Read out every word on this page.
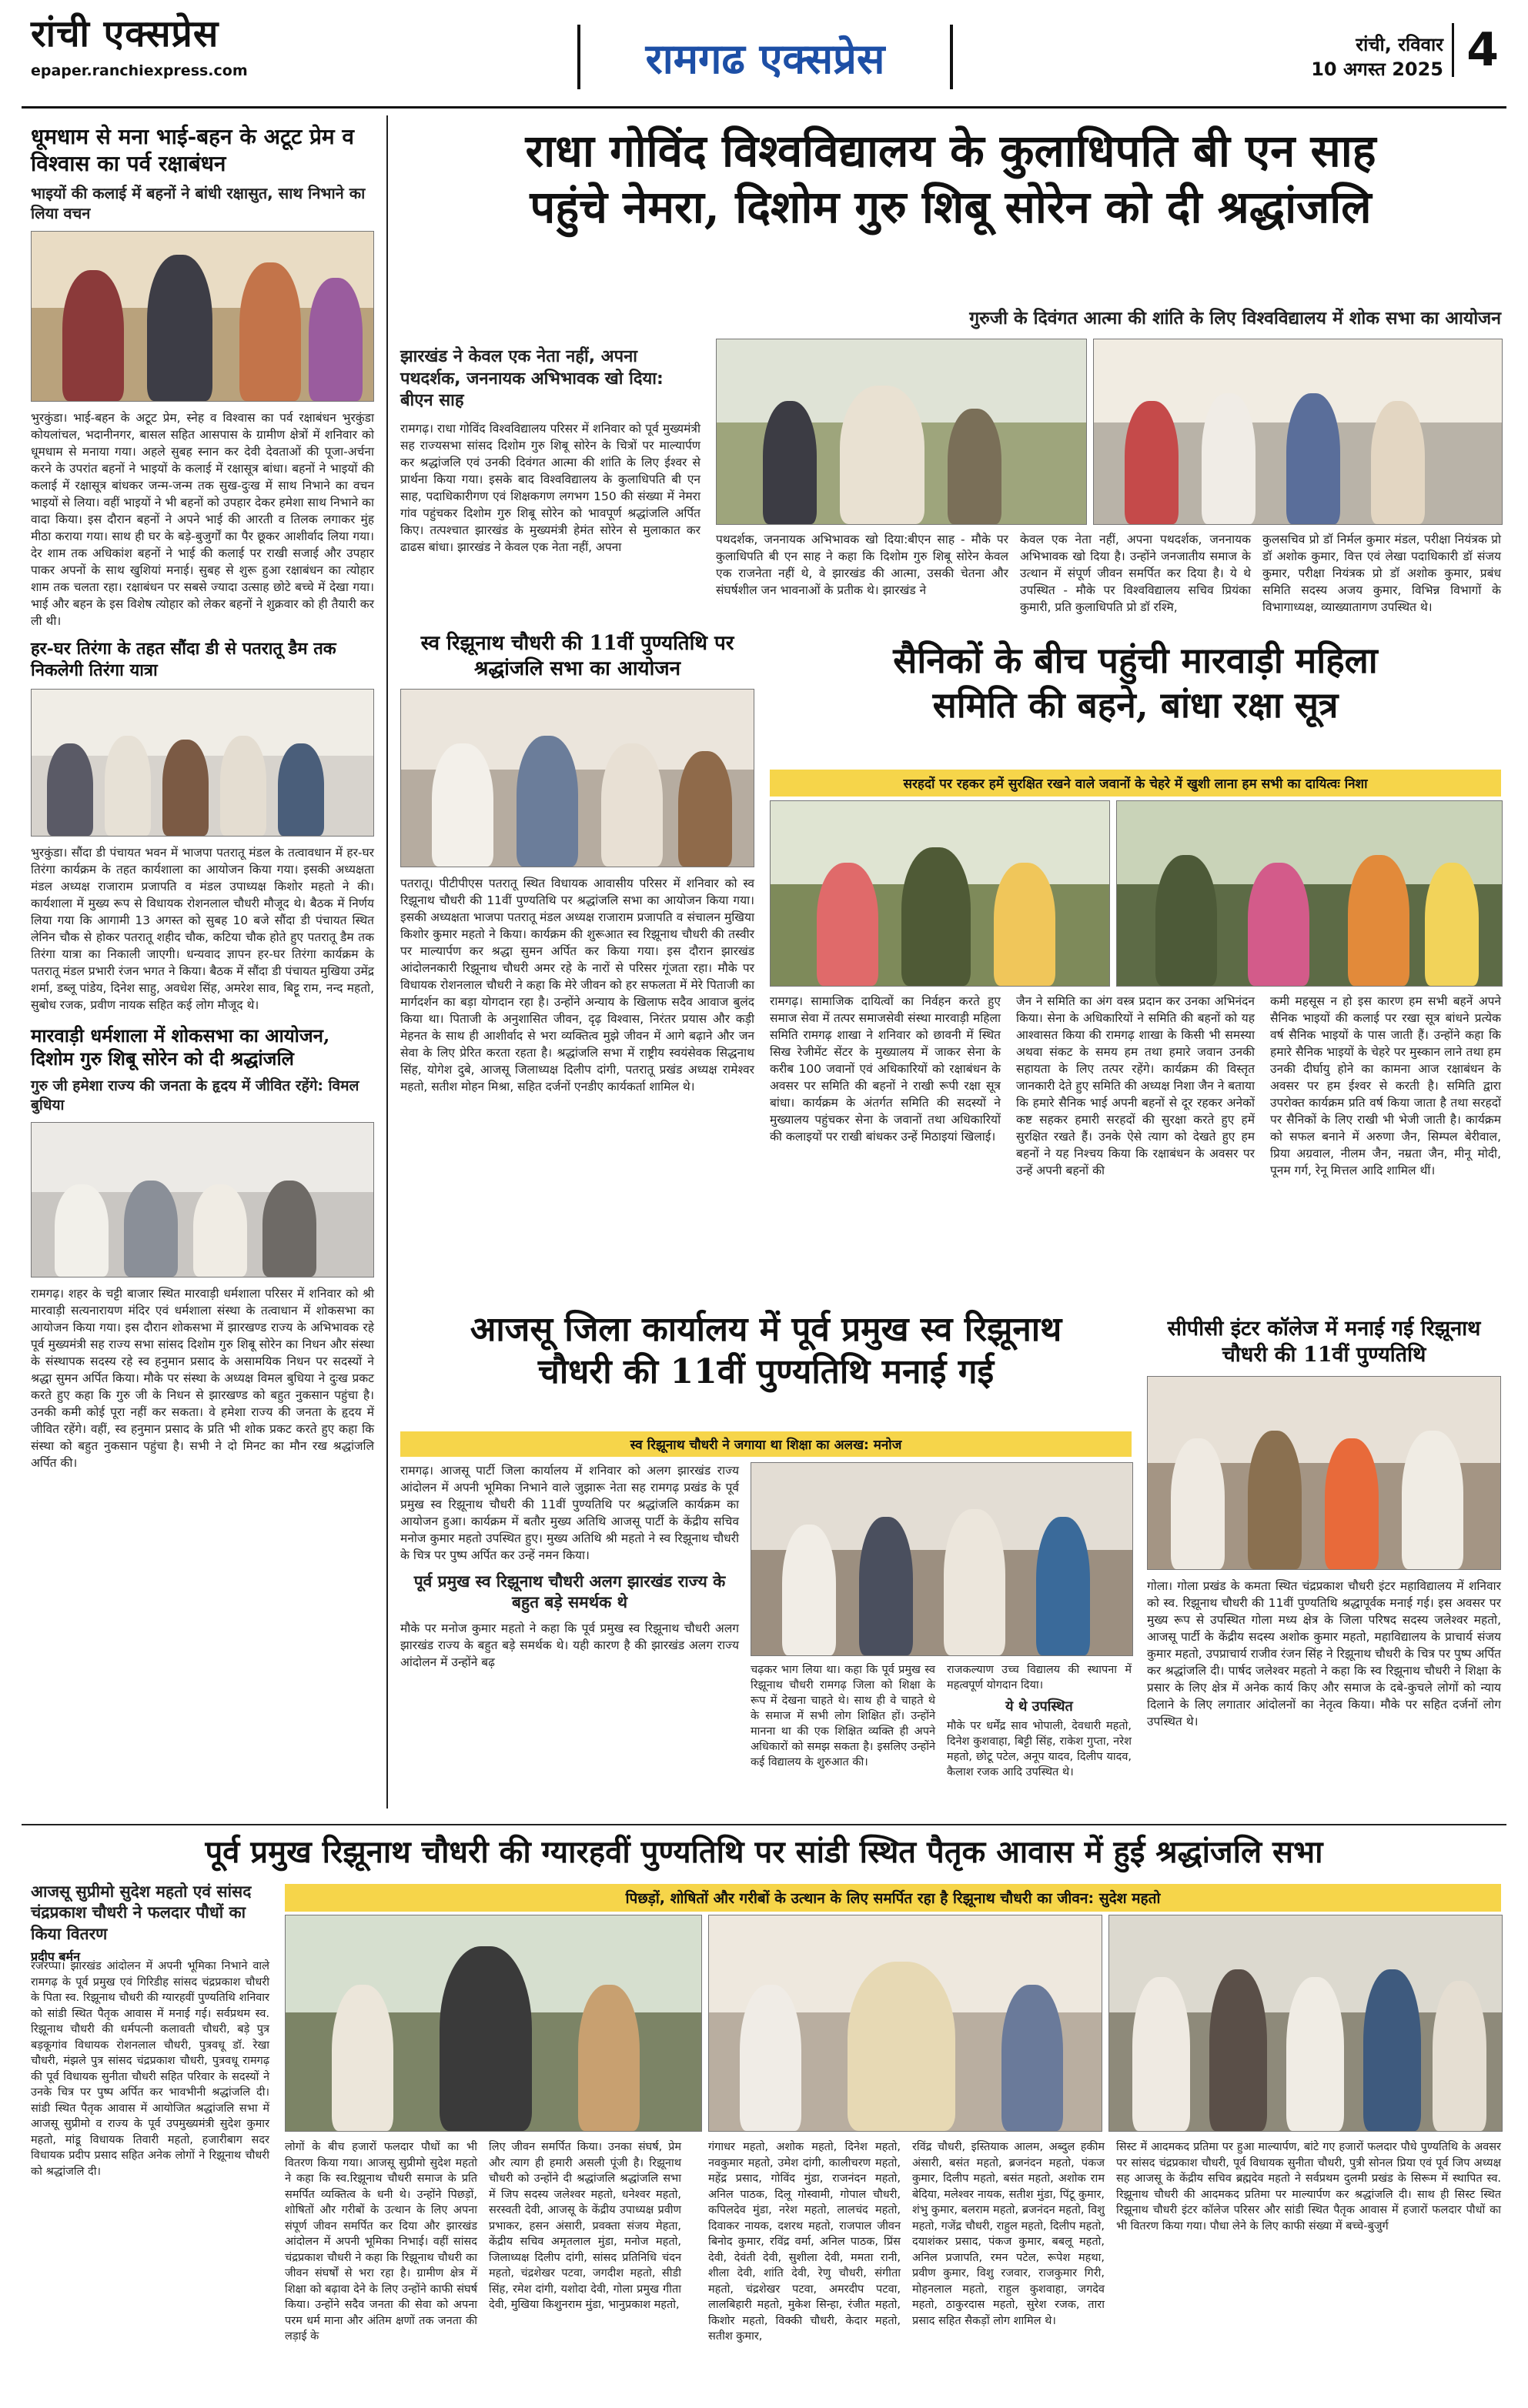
रांची एक्सप्रेस
epaper.ranchiexpress.com	रामगढ एक्सप्रेस	रांची, रविवार
10 अगस्त 2025 4
धूमधाम से मना भाई-बहन के अटूट प्रेम व विश्वास का पर्व रक्षाबंधन
भाइयों की कलाई में बहनों ने बांधी रक्षासुत, साथ निभाने का लिया वचन
भुरकुंडा। भाई-बहन के अटूट प्रेम, स्नेह व विश्वास का पर्व रक्षाबंधन भुरकुंडा कोयलांचल, भदानीनगर, बासल सहित आसपास के ग्रामीण क्षेत्रों में शनिवार को धूमधाम से मनाया गया। अहले सुबह स्नान कर देवी देवताओं की पूजा-अर्चना करने के उपरांत बहनों ने भाइयों के कलाई में रक्षासूत्र बांधा। बहनों ने भाइयों की कलाई में रक्षासूत्र बांधकर जन्म-जन्म तक सुख-दुःख में साथ निभाने का वचन भाइयों से लिया। वहीं भाइयों ने भी बहनों को उपहार देकर हमेशा साथ निभाने का वादा किया। इस दौरान बहनों ने अपने भाई की आरती व तिलक लगाकर मुंह मीठा कराया गया। साथ ही घर के बड़े-बुजुर्गों का पैर छूकर आशीर्वाद लिया गया। देर शाम तक अधिकांश बहनों ने भाई की कलाई पर राखी सजाई और उपहार पाकर अपनों के साथ खुशियां मनाई। सुबह से शुरू हुआ रक्षाबंधन का त्योहार शाम तक चलता रहा। रक्षाबंधन पर सबसे ज्यादा उत्साह छोटे बच्चे में देखा गया। भाई और बहन के इस विशेष त्योहार को लेकर बहनों ने शुक्रवार को ही तैयारी कर ली थी।
हर-घर तिरंगा के तहत सौंदा डी से पतरातू डैम तक निकलेगी तिरंगा यात्रा
भुरकुंडा। सौंदा डी पंचायत भवन में भाजपा पतरातू मंडल के तत्वावधान में हर-घर तिरंगा कार्यक्रम के तहत कार्यशाला का आयोजन किया गया। इसकी अध्यक्षता मंडल अध्यक्ष राजाराम प्रजापति व मंडल उपाध्यक्ष किशोर महतो ने की। कार्यशाला में मुख्य रूप से विधायक रोशनलाल चौधरी मौजूद थे। बैठक में निर्णय लिया गया कि आगामी 13 अगस्त को सुबह 10 बजे सौंदा डी पंचायत स्थित लेनिन चौक से होकर पतरातू शहीद चौक, कटिया चौक होते हुए पतरातू डैम तक तिरंगा यात्रा का निकाली जाएगी। धन्यवाद ज्ञापन हर-घर तिरंगा कार्यक्रम के पतरातू मंडल प्रभारी रंजन भगत ने किया। बैठक में सौंदा डी पंचायत मुखिया उमेंद्र शर्मा, डब्लू पांडेय, दिनेश साहु, अवधेश सिंह, अमरेश साव, बिट्टू राम, नन्द महतो, सुबोध रजक, प्रवीण नायक सहित कई लोग मौजूद थे।
मारवाड़ी धर्मशाला में शोकसभा का आयोजन, दिशोम गुरु शिबू सोरेन को दी श्रद्धांजलि
गुरु जी हमेशा राज्य की जनता के हृदय में जीवित रहेंगे: विमल बुधिया
रामगढ़। शहर के चट्टी बाजार स्थित मारवाड़ी धर्मशाला परिसर में शनिवार को श्री मारवाड़ी सत्यनारायण मंदिर एवं धर्मशाला संस्था के तत्वाधान में शोकसभा का आयोजन किया गया। इस दौरान शोकसभा में झारखण्ड राज्य के अभिभावक रहे पूर्व मुख्यमंत्री सह राज्य सभा सांसद दिशोम गुरु शिबू सोरेन का निधन और संस्था के संस्थापक सदस्य रहे स्व हनुमान प्रसाद के असामयिक निधन पर सदस्यों ने श्रद्धा सुमन अर्पित किया। मौके पर संस्था के अध्यक्ष विमल बुधिया ने दुःख प्रकट करते हुए कहा कि गुरु जी के निधन से झारखण्ड को बहुत नुकसान पहुंचा है। उनकी कमी कोई पूरा नहीं कर सकता। वे हमेशा राज्य की जनता के हृदय में जीवित रहेंगे। वहीं, स्व हनुमान प्रसाद के प्रति भी शोक प्रकट करते हुए कहा कि संस्था को बहुत नुकसान पहुंचा है। सभी ने दो मिनट का मौन रख श्रद्धांजलि अर्पित की।
राधा गोविंद विश्वविद्यालय के कुलाधिपति बी एन साह
पहुंचे नेमरा, दिशोम गुरु शिबू सोरेन को दी श्रद्धांजलि
गुरुजी के दिवंगत आत्मा की शांति के लिए विश्वविद्यालय में शोक सभा का आयोजन
झारखंड ने केवल एक नेता नहीं, अपना पथदर्शक, जननायक अभिभावक खो दिया: बीएन साह
रामगढ़। राधा गोविंद विश्वविद्यालय परिसर में शनिवार को पूर्व मुख्यमंत्री सह राज्यसभा सांसद दिशोम गुरु शिबू सोरेन के चित्रों पर माल्यार्पण कर श्रद्धांजलि एवं उनकी दिवंगत आत्मा की शांति के लिए ईश्वर से प्रार्थना किया गया। इसके बाद विश्वविद्यालय के कुलाधिपति बी एन साह, पदाधिकारीगण एवं शिक्षकगण लगभग 150 की संख्या में नेमरा गांव पहुंचकर दिशोम गुरु शिबू सोरेन को भावपूर्ण श्रद्धांजलि अर्पित किए। तत्पश्चात झारखंड के मुख्यमंत्री हेमंत सोरेन से मुलाकात कर ढाढस बांधा। झारखंड ने केवल एक नेता नहीं, अपना
पथदर्शक, जननायक अभिभावक खो दिया:बीएन साह - मौके पर कुलाधिपति बी एन साह ने कहा कि दिशोम गुरु शिबू सोरेन केवल एक राजनेता नहीं थे, वे झारखंड की आत्मा, उसकी चेतना और संघर्षशील जन भावनाओं के प्रतीक थे। झारखंड ने
केवल एक नेता नहीं, अपना पथदर्शक, जननायक अभिभावक खो दिया है। उन्होंने जनजातीय समाज के उत्थान में संपूर्ण जीवन समर्पित कर दिया है। ये थे उपस्थित - मौके पर विश्वविद्यालय सचिव प्रियंका कुमारी, प्रति कुलाधिपति प्रो डॉ रश्मि,
कुलसचिव प्रो डॉ निर्मल कुमार मंडल, परीक्षा नियंत्रक प्रो डॉ अशोक कुमार, वित्त एवं लेखा पदाधिकारी डॉ संजय कुमार, परीक्षा नियंत्रक प्रो डॉ अशोक कुमार, प्रबंध समिति सदस्य अजय कुमार, विभिन्न विभागों के विभागाध्यक्ष, व्याख्यातागण उपस्थित थे।
स्व रिझूनाथ चौधरी की 11वीं पुण्यतिथि पर श्रद्धांजलि सभा का आयोजन
पतरातू। पीटीपीएस पतरातू स्थित विधायक आवासीय परिसर में शनिवार को स्व रिझूनाथ चौधरी की 11वीं पुण्यतिथि पर श्रद्धांजलि सभा का आयोजन किया गया। इसकी अध्यक्षता भाजपा पतरातू मंडल अध्यक्ष राजाराम प्रजापति व संचालन मुखिया किशोर कुमार महतो ने किया। कार्यक्रम की शुरूआत स्व रिझूनाथ चौधरी की तस्वीर पर माल्यार्पण कर श्रद्धा सुमन अर्पित कर किया गया। इस दौरान झारखंड आंदोलनकारी रिझूनाथ चौधरी अमर रहे के नारों से परिसर गूंजता रहा। मौके पर विधायक रोशनलाल चौधरी ने कहा कि मेरे जीवन को हर सफलता में मेरे पिताजी का मार्गदर्शन का बड़ा योगदान रहा है। उन्होंने अन्याय के खिलाफ सदैव आवाज बुलंद किया था। पिताजी के अनुशासित जीवन, दृढ़ विश्वास, निरंतर प्रयास और कड़ी मेहनत के साथ ही आशीर्वाद से भरा व्यक्तित्व मुझे जीवन में आगे बढ़ाने और जन सेवा के लिए प्रेरित करता रहता है। श्रद्धांजलि सभा में राष्ट्रीय स्वयंसेवक सिद्धनाथ सिंह, योगेश दुबे, आजसू जिलाध्यक्ष दिलीप दांगी, पतरातू प्रखंड अध्यक्ष रामेश्वर महतो, सतीश मोहन मिश्रा, सहित दर्जनों एनडीए कार्यकर्ता शामिल थे।
सैनिकों के बीच पहुंची मारवाड़ी महिला
समिति की बहने, बांधा रक्षा सूत्र
सरहदों पर रहकर हमें सुरक्षित रखने वाले जवानों के चेहरे में खुशी लाना हम सभी का दायित्वः निशा
रामगढ़। सामाजिक दायित्वों का निर्वहन करते हुए समाज सेवा में तत्पर समाजसेवी संस्था मारवाड़ी महिला समिति रामगढ़ शाखा ने शनिवार को छावनी में स्थित सिख रेजीमेंट सेंटर के मुख्यालय में जाकर सेना के करीब 100 जवानों एवं अधिकारियों को रक्षाबंधन के अवसर पर समिति की बहनों ने राखी रूपी रक्षा सूत्र बांधा। कार्यक्रम के अंतर्गत समिति की सदस्यों ने मुख्यालय पहुंचकर सेना के जवानों तथा अधिकारियों की कलाइयों पर राखी बांधकर उन्हें मिठाइयां खिलाई।
जैन ने समिति का अंग वस्त्र प्रदान कर उनका अभिनंदन किया। सेना के अधिकारियों ने समिति की बहनों को यह आश्वासत किया की रामगढ़ शाखा के किसी भी समस्या अथवा संकट के समय हम तथा हमारे जवान उनकी सहायता के लिए तत्पर रहेंगे। कार्यक्रम की विस्तृत जानकारी देते हुए समिति की अध्यक्ष निशा जैन ने बताया कि हमारे सैनिक भाई अपनी बहनों से दूर रहकर अनेकों कष्ट सहकर हमारी सरहदों की सुरक्षा करते हुए हमें सुरक्षित रखते हैं। उनके ऐसे त्याग को देखते हुए हम बहनों ने यह निश्चय किया कि रक्षाबंधन के अवसर पर उन्हें अपनी बहनों की
कमी महसूस न हो इस कारण हम सभी बहनें अपने सैनिक भाइयों की कलाई पर रखा सूत्र बांधने प्रत्येक वर्ष सैनिक भाइयों के पास जाती हैं। उन्होंने कहा कि हमारे सैनिक भाइयों के चेहरे पर मुस्कान लाने तथा हम उनकी दीर्घायु होने का कामना आज रक्षाबंधन के अवसर पर हम ईश्वर से करती है। समिति द्वारा उपरोक्त कार्यक्रम प्रति वर्ष किया जाता है तथा सरहदों पर सैनिकों के लिए राखी भी भेजी जाती है। कार्यक्रम को सफल बनाने में अरुणा जैन, सिम्पल बेरीवाल, प्रिया अग्रवाल, नीलम जैन, नम्रता जैन, मीनू मोदी, पूनम गर्ग, रेनू मित्तल आदि शामिल थीं।
आजसू जिला कार्यालय में पूर्व प्रमुख स्व रिझूनाथ
चौधरी की 11वीं पुण्यतिथि मनाई गई
स्व रिझूनाथ चौधरी ने जगाया था शिक्षा का अलख: मनोज
रामगढ़। आजसू पार्टी जिला कार्यालय में शनिवार को अलग झारखंड राज्य आंदोलन में अपनी भूमिका निभाने वाले जुझारू नेता सह रामगढ़ प्रखंड के पूर्व प्रमुख स्व रिझूनाथ चौधरी की 11वीं पुण्यतिथि पर श्रद्धांजलि कार्यक्रम का आयोजन हुआ। कार्यक्रम में बतौर मुख्य अतिथि आजसू पार्टी के केंद्रीय सचिव मनोज कुमार महतो उपस्थित हुए। मुख्य अतिथि श्री महतो ने स्व रिझूनाथ चौधरी के चित्र पर पुष्प अर्पित कर उन्हें नमन किया।
पूर्व प्रमुख स्व रिझूनाथ चौधरी अलग झारखंड राज्य के बहुत बड़े समर्थक थे
मौके पर मनोज कुमार महतो ने कहा कि पूर्व प्रमुख स्व रिझूनाथ चौधरी अलग झारखंड राज्य के बहुत बड़े समर्थक थे। यही कारण है की झारखंड अलग राज्य आंदोलन में उन्होंने बढ़
चढ़कर भाग लिया था। कहा कि पूर्व प्रमुख स्व रिझूनाथ चौधरी रामगढ़ जिला को शिक्षा के रूप में देखना चाहते थे। साथ ही वे चाहते थे के समाज में सभी लोग शिक्षित हों। उन्होंने मानना था की एक शिक्षित व्यक्ति ही अपने अधिकारों को समझ सकता है। इसलिए उन्होंने कई विद्यालय के शुरुआत की।
राजकल्याण उच्च विद्यालय की स्थापना में महत्वपूर्ण योगदान दिया।
ये थे उपस्थित
मौके पर धर्मेंद्र साव भोपाली, देवधारी महतो, दिनेश कुशवाहा, बिट्टी सिंह, राकेश गुप्ता, नरेश महतो, छोटू पटेल, अनूप यादव, दिलीप यादव, कैलाश रजक आदि उपस्थित थे।
सीपीसी इंटर कॉलेज में मनाई गई रिझूनाथ चौधरी की 11वीं पुण्यतिथि
गोला। गोला प्रखंड के कमता स्थित चंद्रप्रकाश चौधरी इंटर महाविद्यालय में शनिवार को स्व. रिझूनाथ चौधरी की 11वीं पुण्यतिथि श्रद्धापूर्वक मनाई गई। इस अवसर पर मुख्य रूप से उपस्थित गोला मध्य क्षेत्र के जिला परिषद सदस्य जलेश्वर महतो, आजसू पार्टी के केंद्रीय सदस्य अशोक कुमार महतो, महाविद्यालय के प्राचार्य संजय कुमार महतो, उपप्राचार्य राजीव रंजन सिंह ने रिझूनाथ चौधरी के चित्र पर पुष्प अर्पित कर श्रद्धांजलि दी। पार्षद जलेश्वर महतो ने कहा कि स्व रिझूनाथ चौधरी ने शिक्षा के प्रसार के लिए क्षेत्र में अनेक कार्य किए और समाज के दबे-कुचले लोगों को न्याय दिलाने के लिए लगातार आंदोलनों का नेतृत्व किया। मौके पर सहित दर्जनों लोग उपस्थित थे।
पूर्व प्रमुख रिझूनाथ चौधरी की ग्यारहवीं पुण्यतिथि पर सांडी स्थित पैतृक आवास में हुई श्रद्धांजलि सभा
पिछड़ों, शोषितों और गरीबों के उत्थान के लिए समर्पित रहा है रिझूनाथ चौधरी का जीवन: सुदेश महतो
आजसू सुप्रीमो सुदेश महतो एवं सांसद चंद्रप्रकाश चौधरी ने फलदार पौधों का किया वितरण
प्रदीप बर्मन
रजरप्पा। झारखंड आंदोलन में अपनी भूमिका निभाने वाले रामगढ़ के पूर्व प्रमुख एवं गिरिडीह सांसद चंद्रप्रकाश चौधरी के पिता स्व. रिझूनाथ चौधरी की ग्यारहवीं पुण्यतिथि शनिवार को सांडी स्थित पैतृक आवास में मनाई गई। सर्वप्रथम स्व. रिझूनाथ चौधरी की धर्मपत्नी कलावती चौधरी, बड़े पुत्र बड़कूगांव विधायक रोशनलाल चौधरी, पुत्रवधू डॉ. रेखा चौधरी, मंझले पुत्र सांसद चंद्रप्रकाश चौधरी, पुत्रवधू रामगढ़ की पूर्व विधायक सुनीता चौधरी सहित परिवार के सदस्यों ने उनके चित्र पर पुष्प अर्पित कर भावभीनी श्रद्धांजलि दी। सांडी स्थित पैतृक आवास में आयोजित श्रद्धांजलि सभा में आजसू सुप्रीमो व राज्य के पूर्व उपमुख्यमंत्री सुदेश कुमार महतो, मांडू विधायक तिवारी महतो, हजारीबाग सदर विधायक प्रदीप प्रसाद सहित अनेक लोगों ने रिझूनाथ चौधरी को श्रद्धांजलि दी।
लोगों के बीच हजारों फलदार पौधों का भी वितरण किया गया। आजसू सुप्रीमो सुदेश महतो ने कहा कि स्व.रिझूनाथ चौधरी समाज के प्रति समर्पित व्यक्तित्व के धनी थे। उन्होंने पिछड़ों, शोषितों और गरीबों के उत्थान के लिए अपना संपूर्ण जीवन समर्पित कर दिया और झारखंड आंदोलन में अपनी भूमिका निभाई। वहीं सांसद चंद्रप्रकाश चौधरी ने कहा कि रिझूनाथ चौधरी का जीवन संघर्षों से भरा रहा है। ग्रामीण क्षेत्र में शिक्षा को बढ़ावा देने के लिए उन्होंने काफी संघर्ष किया। उन्होंने सदैव जनता की सेवा को अपना परम धर्म माना और अंतिम क्षणों तक जनता की लड़ाई के
लिए जीवन समर्पित किया। उनका संघर्ष, प्रेम और त्याग ही हमारी असली पूंजी है। रिझूनाथ चौधरी को उन्होंने दी श्रद्धांजलि श्रद्धांजलि सभा में जिप सदस्य जलेश्वर महतो, धनेश्वर महतो, सरस्वती देवी, आजसू के केंद्रीय उपाध्यक्ष प्रवीण प्रभाकर, हसन अंसारी, प्रवक्ता संजय मेहता, केंद्रीय सचिव अमृतलाल मुंडा, मनोज महतो, जिलाध्यक्ष दिलीप दांगी, सांसद प्रतिनिधि चंदन महतो, चंद्रशेखर पटवा, जगदीश महतो, सीडी सिंह, रमेश दांगी, यशोदा देवी, गोला प्रमुख गीता देवी, मुखिया किशुनराम मुंडा, भानुप्रकाश महतो,
गंगाधर महतो, अशोक महतो, दिनेश महतो, नवकुमार महतो, उमेश दांगी, कालीचरण महतो, महेंद्र प्रसाद, गोविंद मुंडा, राजनंदन महतो, अनिल पाठक, दिलू गोस्वामी, गोपाल चौधरी, कपिलदेव मुंडा, नरेश महतो, लालचंद महतो, दिवाकर नायक, दशरथ महतो, राजपाल जीवन बिनोद कुमार, रविंद्र वर्मा, अनिल पाठक, प्रिंस देवी, देवंती देवी, सुशीला देवी, ममता रानी, शीला देवी, शांति देवी, रेणु चौधरी, संगीता महतो, चंद्रशेखर पटवा, अमरदीप पटवा, लालबिहारी महतो, मुकेश सिन्हा, रंजीत महतो, किशोर महतो, विक्की चौधरी, केदार महतो, सतीश कुमार,
रविंद्र चौधरी, इस्तियाक आलम, अब्दुल हकीम अंसारी, बसंत महतो, ब्रजनंदन महतो, पंकज कुमार, दिलीप महतो, बसंत महतो, अशोक राम बेदिया, मलेश्वर नायक, सतीश मुंडा, पिंटू कुमार, शंभु कुमार, बलराम महतो, ब्रजनंदन महतो, विशु महतो, गजेंद्र चौधरी, राहुल महतो, दिलीप महतो, दयाशंकर प्रसाद, पंकज कुमार, बबलू महतो, अनिल प्रजापति, रमन पटेल, रूपेश महथा, प्रवीण कुमार, विशु रजवार, राजकुमार गिरी, मोहनलाल महतो, राहुल कुशवाहा, जगदेव महतो, ठाकुरदास महतो, सुरेश रजक, तारा प्रसाद सहित सैकड़ों लोग शामिल थे।
सिस्ट में आदमकद प्रतिमा पर हुआ माल्यार्पण, बांटे गए हजारों फलदार पौधे पुण्यतिथि के अवसर पर सांसद चंद्रप्रकाश चौधरी, पूर्व विधायक सुनीता चौधरी, पुत्री सोनल प्रिया एवं पूर्व जिप अध्यक्ष सह आजसू के केंद्रीय सचिव ब्रह्मदेव महतो ने सर्वप्रथम दुलमी प्रखंड के सिरूम में स्थापित स्व. रिझूनाथ चौधरी की आदमकद प्रतिमा पर माल्यार्पण कर श्रद्धांजलि दी। साथ ही सिस्ट स्थित रिझूनाथ चौधरी इंटर कॉलेज परिसर और सांडी स्थित पैतृक आवास में हजारों फलदार पौधों का भी वितरण किया गया। पौधा लेने के लिए काफी संख्या में बच्चे-बुजुर्ग
